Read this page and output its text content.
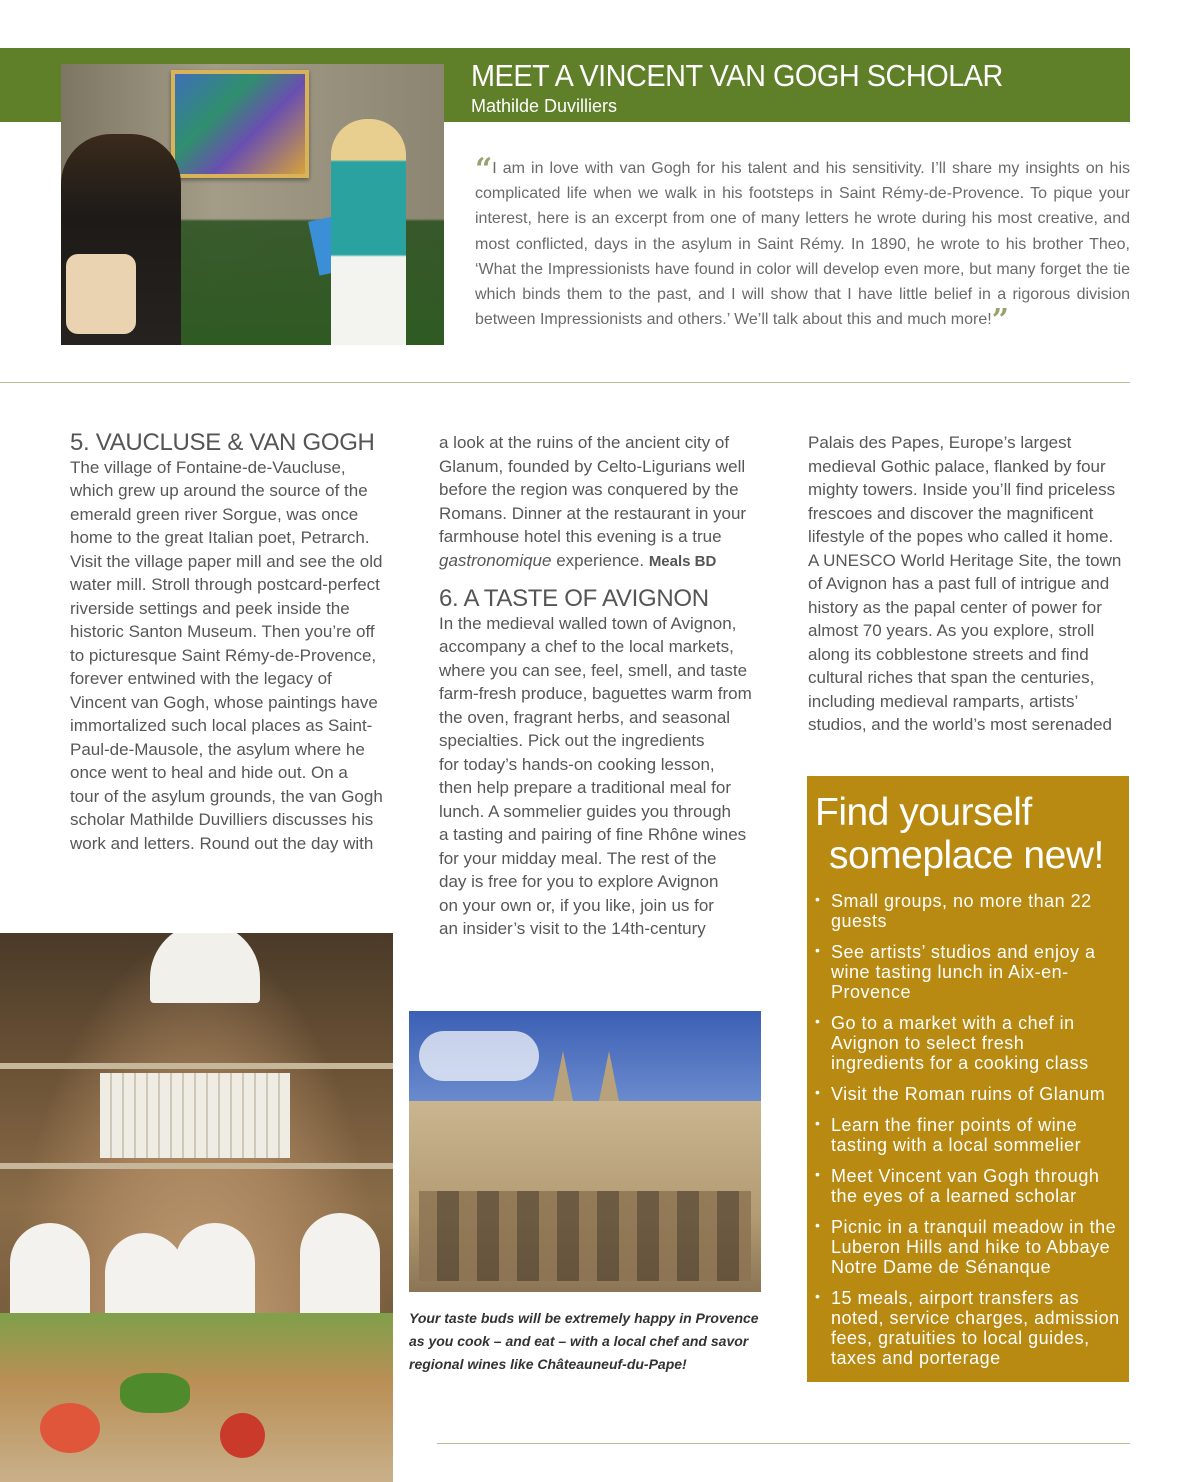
MEET A VINCENT VAN GOGH SCHOLAR
Mathilde Duvilliers
“I am in love with van Gogh for his talent and his sensitivity. I’ll share my insights on his complicated life when we walk in his footsteps in Saint Rémy-de-Provence. To pique your interest, here is an excerpt from one of many letters he wrote during his most creative, and most conflicted, days in the asylum in Saint Rémy. In 1890, he wrote to his brother Theo, ‘What the Impressionists have found in color will develop even more, but many forget the tie which binds them to the past, and I will show that I have little belief in a rigorous division between Impressionists and others.’ We’ll talk about this and much more!”
5. VAUCLUSE & VAN GOGH
The village of Fontaine-de-Vaucluse,
which grew up around the source of the
emerald green river Sorgue, was once
home to the great Italian poet, Petrarch.
Visit the village paper mill and see the old
water mill. Stroll through postcard-perfect
riverside settings and peek inside the
historic Santon Museum. Then you’re off
to picturesque Saint Rémy-de-Provence,
forever entwined with the legacy of
Vincent van Gogh, whose paintings have
immortalized such local places as Saint-
Paul-de-Mausole, the asylum where he
once went to heal and hide out. On a
tour of the asylum grounds, the van Gogh
scholar Mathilde Duvilliers discusses his
work and letters. Round out the day with
a look at the ruins of the ancient city of
Glanum, founded by Celto-Ligurians well
before the region was conquered by the
Romans. Dinner at the restaurant in your
farmhouse hotel this evening is a true
gastronomique experience. Meals BD
6. A TASTE OF AVIGNON
In the medieval walled town of Avignon,
accompany a chef to the local markets,
where you can see, feel, smell, and taste
farm-fresh produce, baguettes warm from
the oven, fragrant herbs, and seasonal
specialties. Pick out the ingredients
for today’s hands-on cooking lesson,
then help prepare a traditional meal for
lunch. A sommelier guides you through
a tasting and pairing of fine Rhône wines
for your midday meal. The rest of the
day is free for you to explore Avignon
on your own or, if you like, join us for
an insider’s visit to the 14th-century
Palais des Papes, Europe’s largest
medieval Gothic palace, flanked by four
mighty towers. Inside you’ll find priceless
frescoes and discover the magnificent
lifestyle of the popes who called it home.
A UNESCO World Heritage Site, the town
of Avignon has a past full of intrigue and
history as the papal center of power for
almost 70 years. As you explore, stroll
along its cobblestone streets and find
cultural riches that span the centuries,
including medieval ramparts, artists’
studios, and the world’s most serenaded
Your taste buds will be extremely happy in Provence
as you cook – and eat – with a local chef and savor
regional wines like Châteauneuf-du-Pape!
Find yourself
someplace new!
• Small groups, no more than 22 guests
• See artists’ studios and enjoy a wine tasting lunch in Aix-en-Provence
• Go to a market with a chef in Avignon to select fresh ingredients for a cooking class
• Visit the Roman ruins of Glanum
• Learn the finer points of wine tasting with a local sommelier
• Meet Vincent van Gogh through the eyes of a learned scholar
• Picnic in a tranquil meadow in the Luberon Hills and hike to Abbaye Notre Dame de Sénanque
• 15 meals, airport transfers as noted, service charges, admission fees, gratuities to local guides, taxes and porterage
